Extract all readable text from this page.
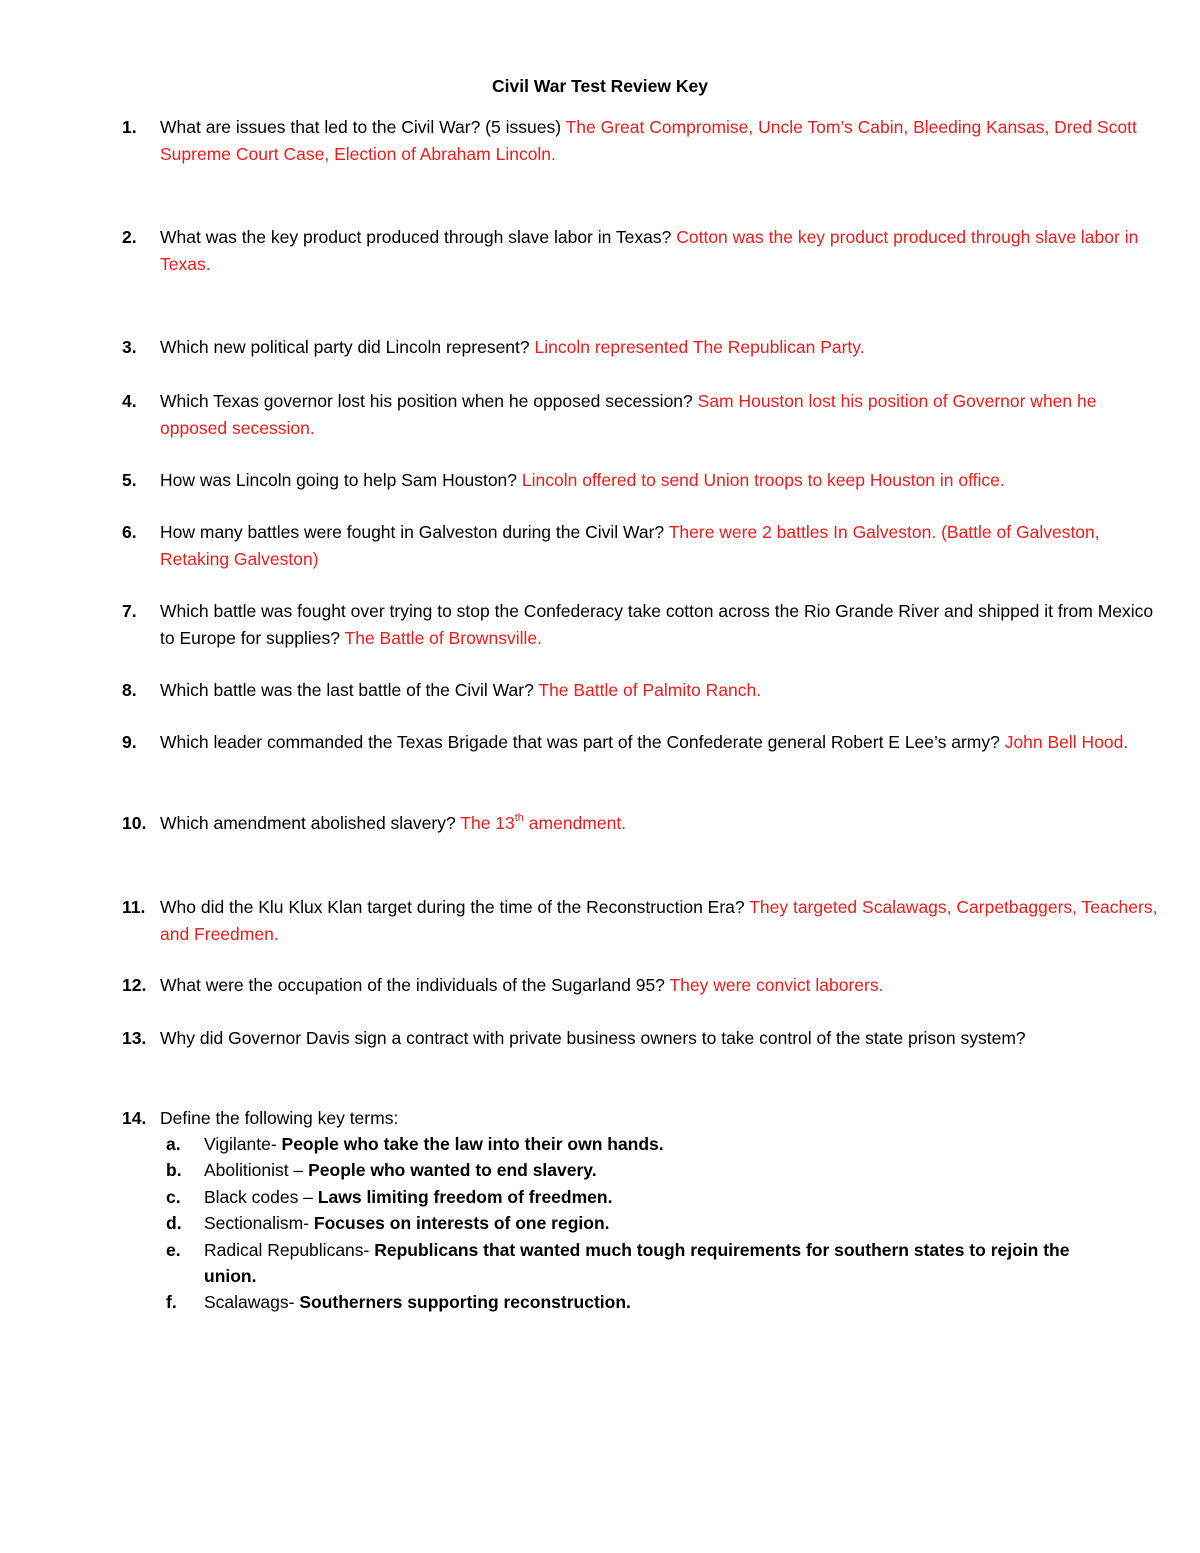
Civil War Test Review Key
1.	What are issues that led to the Civil War? (5 issues) The Great Compromise, Uncle Tom’s Cabin, Bleeding Kansas, Dred Scott Supreme Court Case, Election of Abraham Lincoln.
2.	What was the key product produced through slave labor in Texas? Cotton was the key product produced through slave labor in Texas.
3.	Which new political party did Lincoln represent? Lincoln represented The Republican Party.
4.	Which Texas governor lost his position when he opposed secession? Sam Houston lost his position of Governor when he opposed secession.
5.	How was Lincoln going to help Sam Houston? Lincoln offered to send Union troops to keep Houston in office.
6.	How many battles were fought in Galveston during the Civil War? There were 2 battles In Galveston. (Battle of Galveston, Retaking Galveston)
7.	Which battle was fought over trying to stop the Confederacy take cotton across the Rio Grande River and shipped it from Mexico to Europe for supplies? The Battle of Brownsville.
8.	Which battle was the last battle of the Civil War? The Battle of Palmito Ranch.
9.	Which leader commanded the Texas Brigade that was part of the Confederate general Robert E Lee’s army? John Bell Hood.
10. Which amendment abolished slavery? The 13th amendment.
11. Who did the Klu Klux Klan target during the time of the Reconstruction Era? They targeted Scalawags, Carpetbaggers, Teachers, and Freedmen.
12. What were the occupation of the individuals of the Sugarland 95? They were convict laborers.
13. Why did Governor Davis sign a contract with private business owners to take control of the state prison system?
14. Define the following key terms:
a. Vigilante- People who take the law into their own hands.
b. Abolitionist – People who wanted to end slavery.
c. Black codes – Laws limiting freedom of freedmen.
d. Sectionalism- Focuses on interests of one region.
e. Radical Republicans- Republicans that wanted much tough requirements for southern states to rejoin the union.
f. Scalawags- Southerners supporting reconstruction.
